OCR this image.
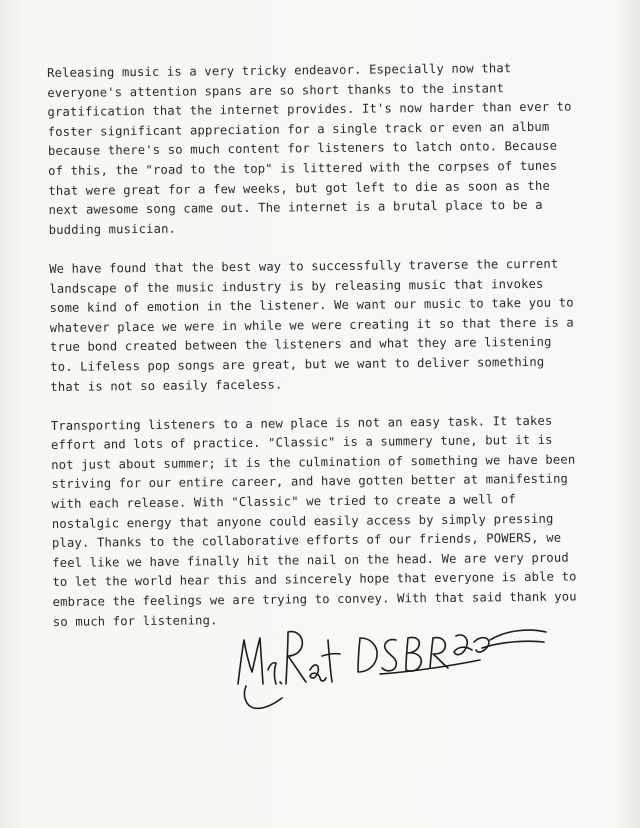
Releasing music is a very tricky endeavor. Especially now that
everyone's attention spans are so short thanks to the instant
gratification that the internet provides. It's now harder than ever to
foster significant appreciation for a single track or even an album
because there's so much content for listeners to latch onto. Because
of this, the "road to the top" is littered with the corpses of tunes
that were great for a few weeks, but got left to die as soon as the
next awesome song came out. The internet is a brutal place to be a
budding musician.

We have found that the best way to successfully traverse the current
landscape of the music industry is by releasing music that invokes
some kind of emotion in the listener. We want our music to take you to
whatever place we were in while we were creating it so that there is a
true bond created between the listeners and what they are listening
to. Lifeless pop songs are great, but we want to deliver something
that is not so easily faceless.

Transporting listeners to a new place is not an easy task. It takes
effort and lots of practice. "Classic" is a summery tune, but it is
not just about summer; it is the culmination of something we have been
striving for our entire career, and have gotten better at manifesting
with each release. With "Classic" we tried to create a well of
nostalgic energy that anyone could easily access by simply pressing
play. Thanks to the collaborative efforts of our friends, POWERS, we
feel like we have finally hit the nail on the head. We are very proud
to let the world hear this and sincerely hope that everyone is able to
embrace the feelings we are trying to convey. With that said thank you
so much for listening.
